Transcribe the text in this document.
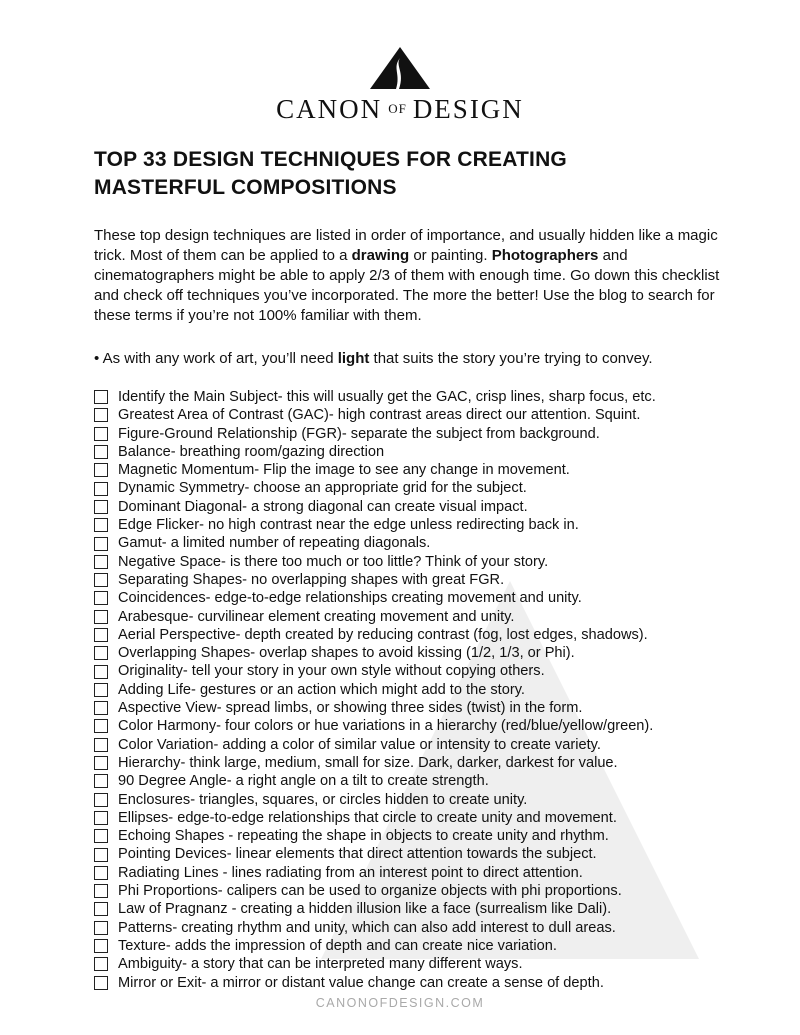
CANON OF DESIGN
TOP 33 DESIGN TECHNIQUES FOR CREATING
MASTERFUL COMPOSITIONS

These top design techniques are listed in order of importance, and usually hidden like a magic trick. Most of them can be applied to a drawing or painting. Photographers and cinematographers might be able to apply 2/3 of them with enough time. Go down this checklist and check off techniques you’ve incorporated. The more the better! Use the blog to search for these terms if you’re not 100% familiar with them.

• As with any work of art, you’ll need light that suits the story you’re trying to convey.

Identify the Main Subject- this will usually get the GAC, crisp lines, sharp focus, etc.
Greatest Area of Contrast (GAC)- high contrast areas direct our attention. Squint.
Figure-Ground Relationship (FGR)- separate the subject from background.
Balance- breathing room/gazing direction
Magnetic Momentum- Flip the image to see any change in movement.
Dynamic Symmetry- choose an appropriate grid for the subject.
Dominant Diagonal- a strong diagonal can create visual impact.
Edge Flicker- no high contrast near the edge unless redirecting back in.
Gamut- a limited number of repeating diagonals.
Negative Space- is there too much or too little? Think of your story.
Separating Shapes- no overlapping shapes with great FGR.
Coincidences- edge-to-edge relationships creating movement and unity.
Arabesque- curvilinear element creating movement and unity.
Aerial Perspective- depth created by reducing contrast (fog, lost edges, shadows).
Overlapping Shapes- overlap shapes to avoid kissing (1/2, 1/3, or Phi).
Originality- tell your story in your own style without copying others.
Adding Life- gestures or an action which might add to the story.
Aspective View- spread limbs, or showing three sides (twist) in the form.
Color Harmony- four colors or hue variations in a hierarchy (red/blue/yellow/green).
Color Variation- adding a color of similar value or intensity to create variety.
Hierarchy- think large, medium, small for size. Dark, darker, darkest for value.
90 Degree Angle- a right angle on a tilt to create strength.
Enclosures- triangles, squares, or circles hidden to create unity.
Ellipses- edge-to-edge relationships that circle to create unity and movement.
Echoing Shapes - repeating the shape in objects to create unity and rhythm.
Pointing Devices- linear elements that direct attention towards the subject.
Radiating Lines - lines radiating from an interest point to direct attention.
Phi Proportions- calipers can be used to organize objects with phi proportions.
Law of Pragnanz - creating a hidden illusion like a face (surrealism like Dali).
Patterns- creating rhythm and unity, which can also add interest to dull areas.
Texture- adds the impression of depth and can create nice variation.
Ambiguity- a story that can be interpreted many different ways.
Mirror or Exit- a mirror or distant value change can create a sense of depth.
CANONOFDESIGN.COM
